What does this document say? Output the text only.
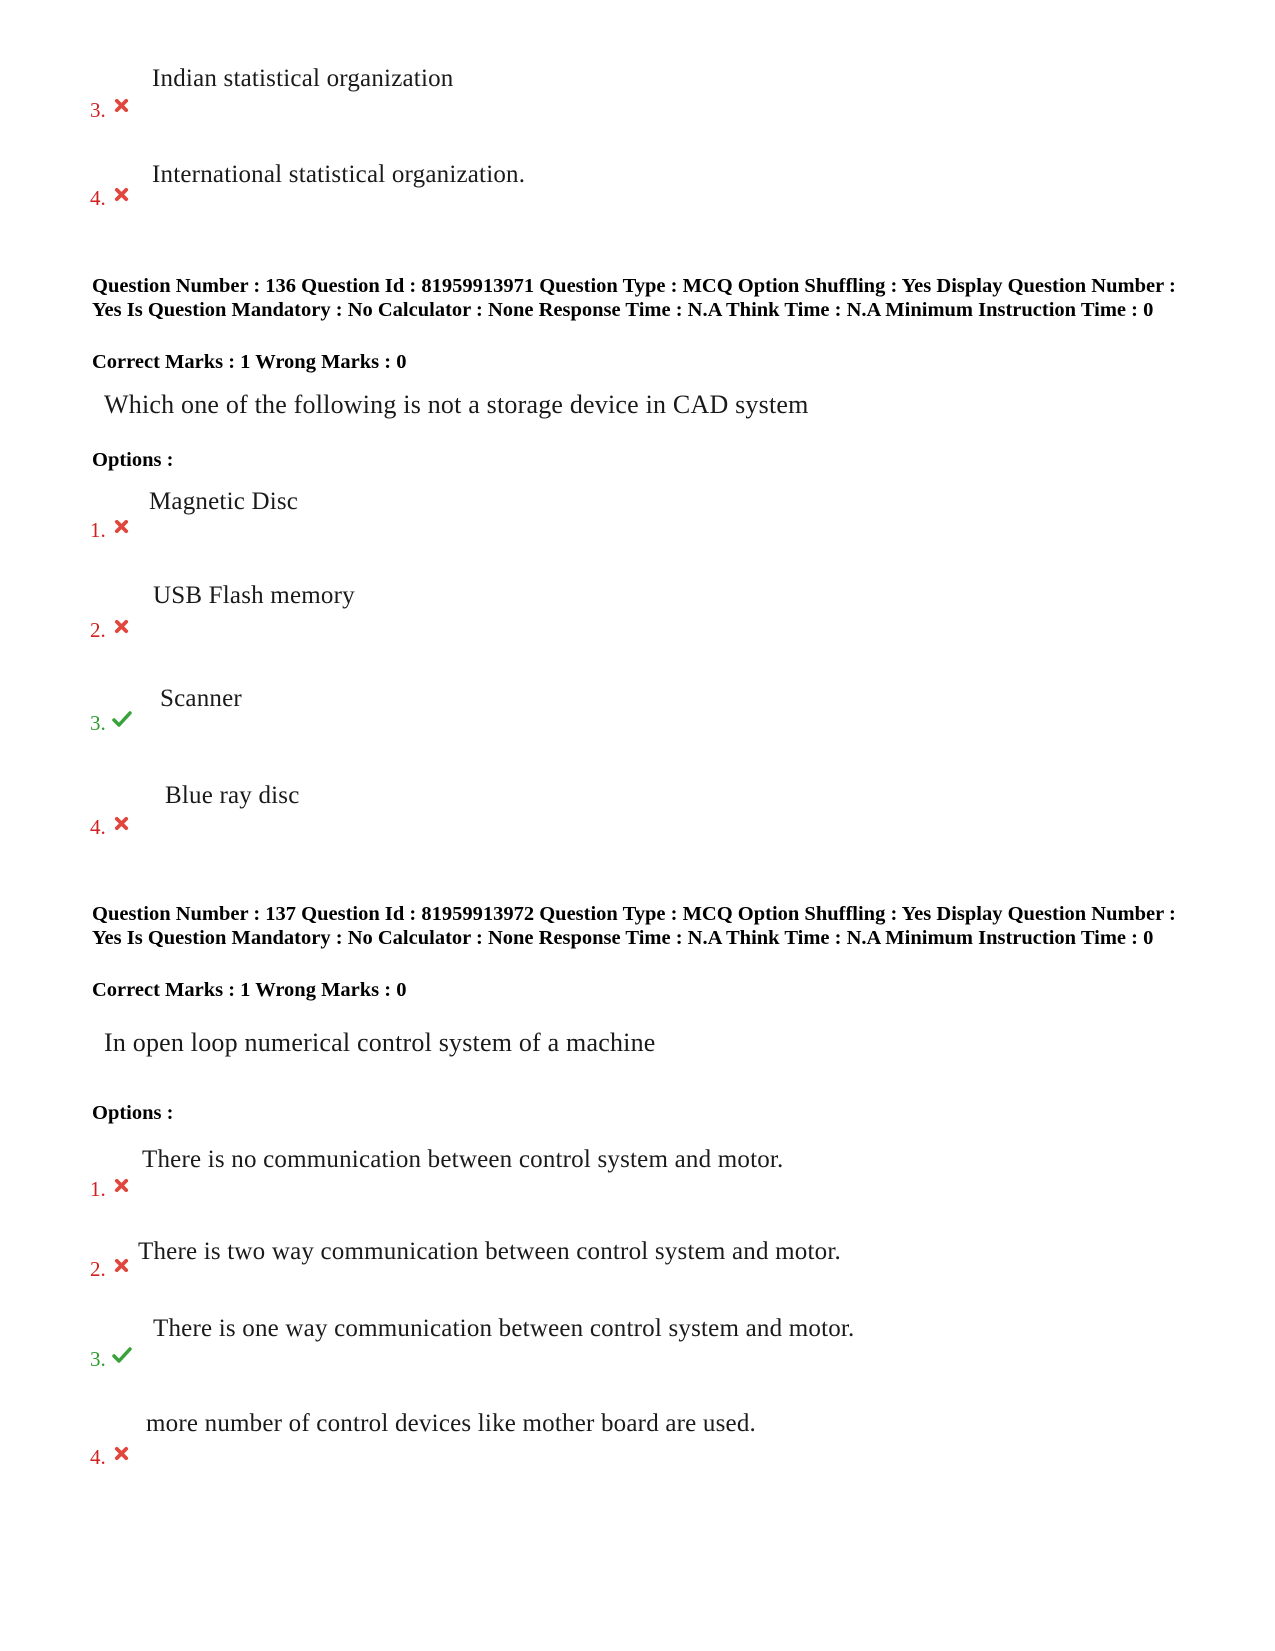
Indian statistical organization
3.
International statistical organization.
4.
Question Number : 136 Question Id : 81959913971 Question Type : MCQ Option Shuffling : Yes Display Question Number : Yes Is Question Mandatory : No Calculator : None Response Time : N.A Think Time : N.A Minimum Instruction Time : 0
Correct Marks : 1 Wrong Marks : 0
Which one of the following is not a storage device in CAD system
Options :
Magnetic Disc
1.
USB Flash memory
2.
Scanner
3.
Blue ray disc
4.
Question Number : 137 Question Id : 81959913972 Question Type : MCQ Option Shuffling : Yes Display Question Number : Yes Is Question Mandatory : No Calculator : None Response Time : N.A Think Time : N.A Minimum Instruction Time : 0
Correct Marks : 1 Wrong Marks : 0
In open loop numerical control system of a machine
Options :
There is no communication between control system and motor.
1.
There is two way communication between control system and motor.
2.
There is one way communication between control system and motor.
3.
more number of control devices like mother board are used.
4.
